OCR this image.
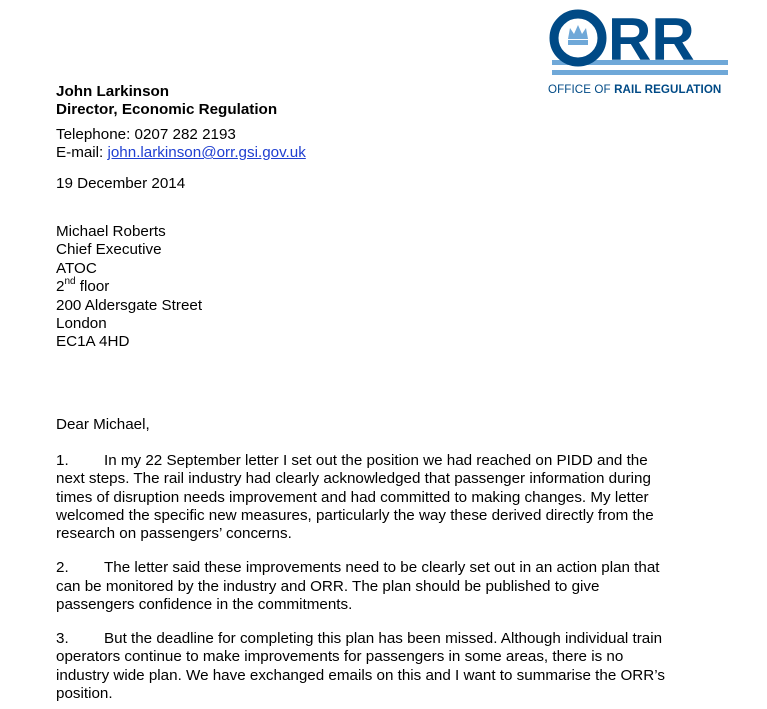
RR
OFFICE OF RAIL REGULATION
John Larkinson
Director, Economic Regulation
Telephone: 0207 282 2193
E-mail: john.larkinson@orr.gsi.gov.uk
19 December 2014
Michael Roberts
Chief Executive
ATOC
2nd floor
200 Aldersgate Street
London
EC1A 4HD
Dear Michael,
1. In my 22 September letter I set out the position we had reached on PIDD and the
next steps. The rail industry had clearly acknowledged that passenger information during
times of disruption needs improvement and had committed to making changes. My letter
welcomed the specific new measures, particularly the way these derived directly from the
research on passengers’ concerns.
2. The letter said these improvements need to be clearly set out in an action plan that
can be monitored by the industry and ORR. The plan should be published to give
passengers confidence in the commitments.
3. But the deadline for completing this plan has been missed. Although individual train
operators continue to make improvements for passengers in some areas, there is no
industry wide plan. We have exchanged emails on this and I want to summarise the ORR’s
position.
